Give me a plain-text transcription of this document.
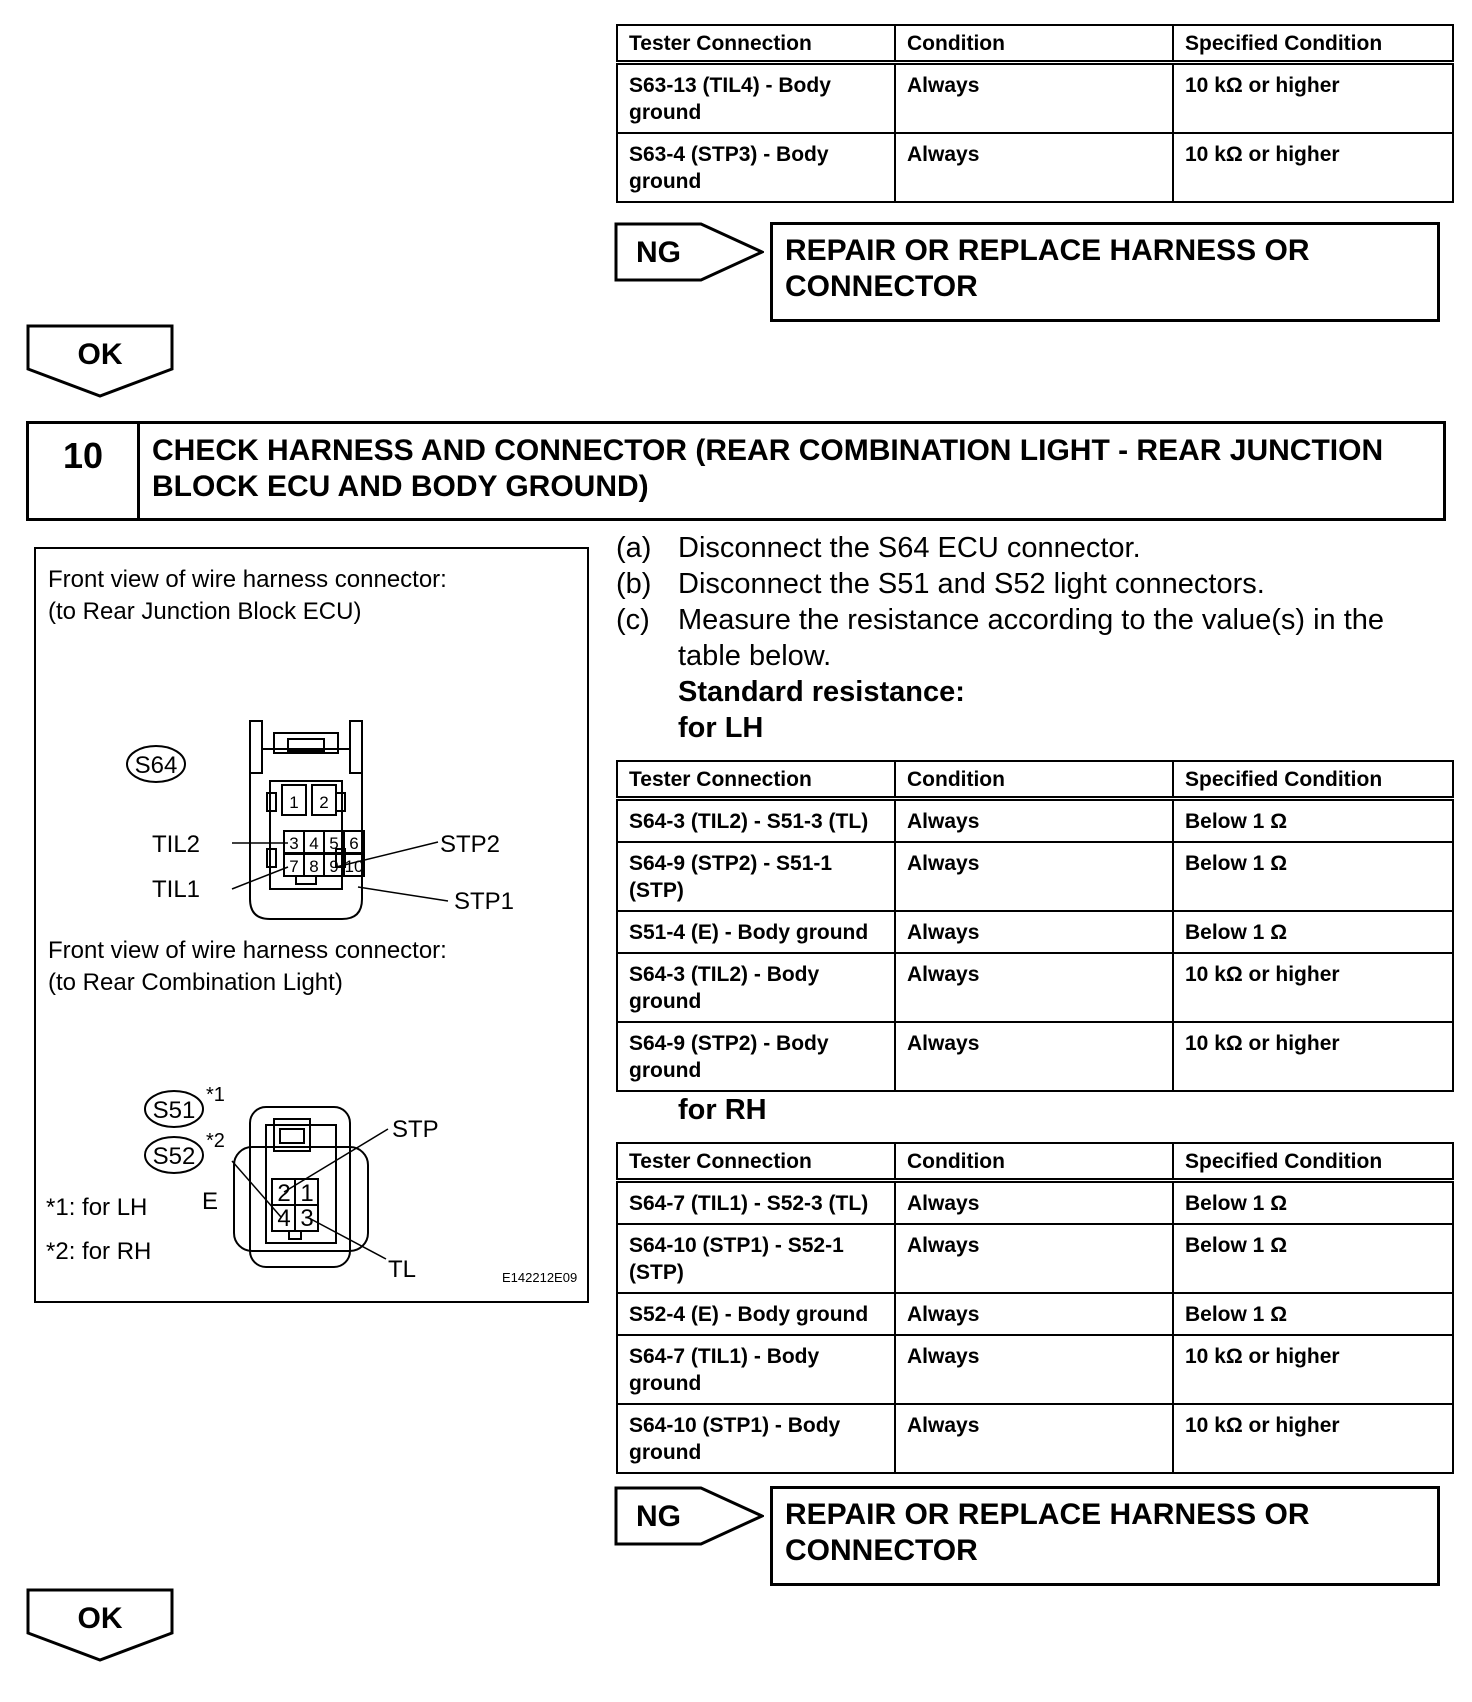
Tester Connection	Condition	Specified Condition
S63-13 (TIL4) - Body ground	Always	10 kΩ or higher
S63-4 (STP3) - Body ground	Always	10 kΩ or higher
NG	REPAIR OR REPLACE HARNESS OR CONNECTOR
OK
10	CHECK HARNESS AND CONNECTOR (REAR COMBINATION LIGHT - REAR JUNCTION BLOCK ECU AND BODY GROUND)
(a) Disconnect the S64 ECU connector.
(b) Disconnect the S51 and S52 light connectors.
(c) Measure the resistance according to the value(s) in the table below.
Standard resistance:
for LH
Tester Connection	Condition	Specified Condition
S64-3 (TIL2) - S51-3 (TL)	Always	Below 1 Ω
S64-9 (STP2) - S51-1 (STP)	Always	Below 1 Ω
S51-4 (E) - Body ground	Always	Below 1 Ω
S64-3 (TIL2) - Body ground	Always	10 kΩ or higher
S64-9 (STP2) - Body ground	Always	10 kΩ or higher
for RH
Tester Connection	Condition	Specified Condition
S64-7 (TIL1) - S52-3 (TL)	Always	Below 1 Ω
S64-10 (STP1) - S52-1 (STP)	Always	Below 1 Ω
S52-4 (E) - Body ground	Always	Below 1 Ω
S64-7 (TIL1) - Body ground	Always	10 kΩ or higher
S64-10 (STP1) - Body ground	Always	10 kΩ or higher
NG	REPAIR OR REPLACE HARNESS OR CONNECTOR
OK
Front view of wire harness connector:
(to Rear Junction Block ECU)
Front view of wire harness connector:
(to Rear Combination Light)
S64
1 2
3 4 5 6
7 8 9 10
TIL2
TIL1
STP2
STP1
S51
*1
S52
*2
2 1
4 3
STP
E
TL
*1: for LH
*2: for RH
E142212E09
